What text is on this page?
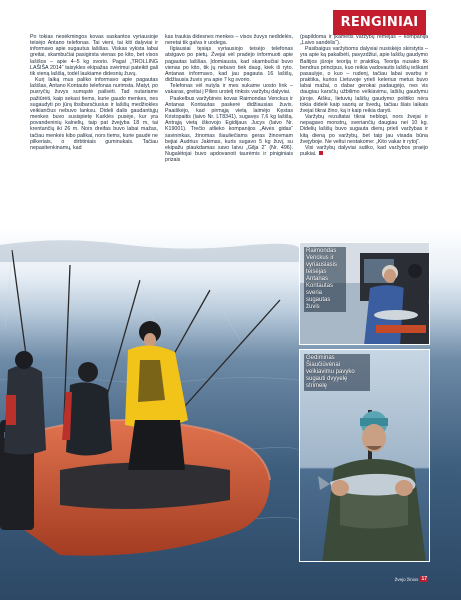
RENGINIAI

Po tokias nesėkmingos kovas saskantos vyriausioje teisėjo Antano telefonas. Tai vieni, tai kiti dalyviai ir informavo apie sugautus lašišas. Viskas vyksta labai greitai, skambučiai pasigirsta vienas po kito, bet visos lašišos – apie 4–5 kg svorio. Pagal „TROLLING LAŠIŠA 2014“ taisykles ekipažas svėrimui pateikti gali tik vieną lašišą, todėl laukiame didesnių žuvų.

Kurį laiką mus paliko informavo apie pagautas lašišas, Antano Kontauto telefonas nurimsta. Matyt, po pusryčių žuvys sumąstė pailsėti. Tad nutariame pažiūrėti, kaip sekasi tiems, kurie gaudo menkes, nes sugaudyti po jūrą ibsibarsčiusius ir lašišų medžiokles veikiančius nebuvo lanksu. Dideli dalis gaudantiųjų menkes buvo susispietę Karklės pusėje, kur yra povandeninių kalnelių, taip pat žvejyba 18 m, tai krentančių iki 26 m. Nors dreifas buvo labai mažas, tačiau menkės kibo palikai, nors tiems, kurie gaudė ne pilkeriais, o dirbtiniais guminukais. Tačiau nepasitenkinamų, kad

kas traukia didesnes menkes – visos žuvys nedidelės, neretai tik galva ir uodega.

Ilgiausiai tęsiąs vyriausiojo teisėjo telefonas atsigavo po pietų. Žvejai vėl pradėjo informuoti apie pagautas lašišas. Įdomiausia, kad skambučiai buvo vienas po kito, tik jų nebuvo tiek daug, kiek iš ryto. Antanas informavo, kad jau pagauta 16 lašišų, didžiausia žuvis yra apie 7 kg svorio.

Telefonas vėl nutyla ir mes sukame uosto link – vakaras, greitai į Pilies urstelį rinksis varžybų dalyviai.

Paskelbus varžybinės kovas Raimondas Venckus ir Antanas Kontautas paskerė didžiausias žuvis. Paaiškėjo, kad pirmąją vietą laimėjo Kęstas Kristopaitis (laivo Nr. LT8341), sugavęs 7,6 kg lašišą. Antrąją vietą iškovojo Egidijaus Jucys (laivo Nr. K19001). Trečio atlieko kompanijos „Aivės gidas“ savininkas, žinomas šiauliečiams geras žinovmam bejiai Audrius Jakimas, kuris sugavo 5 kg žuvį, su ekipažu plaukdamas savo laivu „Gilja 2“ (Nr. 496). Nugalėtojai buvo apdovanoti taurėmis ir piniginiais prizais

(papildoma ir įkametis varžybų rėmėjas – kompanija „Laivo sandėlis“).

Pasibaigus varžyboms dalyviai nusiskėjo skirstytis – yra apie ką pakalbėti, pavyzdžiui, apie lašišų gaudymo Baltijos jūroje teoriją ir praktiką. Teorija nusako tik bendrus principus, kuo reikia vadovautis lašišų ieškant pasaulyje, o kuo – rudenį, tačiau labai svarbu ir praktika, kurios Lietuvoje yrieš kelerius metus buvo labai mažai, o dabar gerokai padaugėjo, nes vis daugiau karsčių užbilimo velkiavimu, lašišų gaudymu jūroje. Aišku, lietuvių lašišų gaudymo politiko nėra tokia didelė kaip saorių ar švedų, tačiau šiais laikais žvejai tikrai žino, ką ir kaip reikia daryti.

Varžybų rezultatai tikrai neblogi, nors žvejai ir nepagavo monstrų, sveriančių daugiau nei 10 kg. Didelių lašišų buvo sugauta dienų prieš varžybas ir kitą dieną po varžybų, bet taip jau visada būna žvejyboje. Ne veltui nestakome: „Kito vakar ir rytoj“.

Visi varžybų dalyviai sutiko, kad varžybos praėjo puikiai.

Raimondas Venckus ir vyriausiasis teisėjas Antanas Kontautas sveria sugautas žuvis
Gediminas Šiaučiūvėnai velkiavimu pavyko sugauti dvyyelę strimelę
Žvejo žinios 17
